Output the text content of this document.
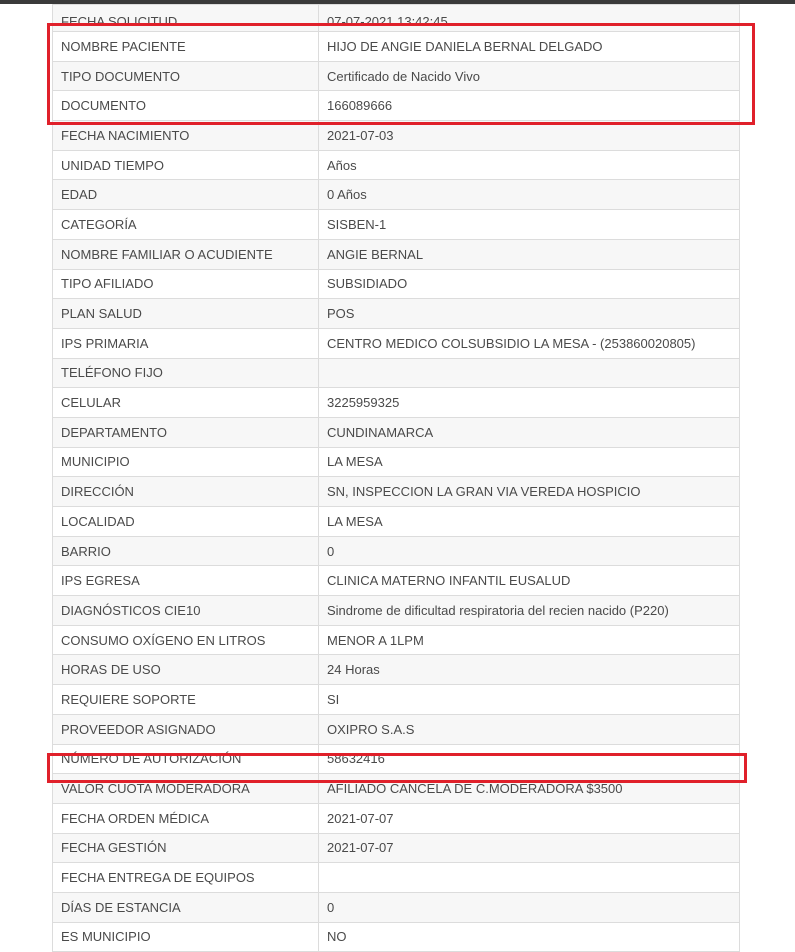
FECHA SOLICITUD	07-07-2021 13:42:45
NOMBRE PACIENTE	HIJO DE ANGIE DANIELA BERNAL DELGADO
TIPO DOCUMENTO	Certificado de Nacido Vivo
DOCUMENTO	166089666
FECHA NACIMIENTO	2021-07-03
UNIDAD TIEMPO	Años
EDAD	0 Años
CATEGORÍA	SISBEN-1
NOMBRE FAMILIAR O ACUDIENTE	ANGIE BERNAL
TIPO AFILIADO	SUBSIDIADO
PLAN SALUD	POS
IPS PRIMARIA	CENTRO MEDICO COLSUBSIDIO LA MESA - (253860020805)
TELÉFONO FIJO	
CELULAR	3225959325
DEPARTAMENTO	CUNDINAMARCA
MUNICIPIO	LA MESA
DIRECCIÓN	SN, INSPECCION LA GRAN VIA VEREDA HOSPICIO
LOCALIDAD	LA MESA
BARRIO	0
IPS EGRESA	CLINICA MATERNO INFANTIL EUSALUD
DIAGNÓSTICOS CIE10	Sindrome de dificultad respiratoria del recien nacido (P220)
CONSUMO OXÍGENO EN LITROS	MENOR A 1LPM
HORAS DE USO	24 Horas
REQUIERE SOPORTE	SI
PROVEEDOR ASIGNADO	OXIPRO S.A.S
NÚMERO DE AUTORIZACIÓN	58632416
VALOR CUOTA MODERADORA	AFILIADO CANCELA DE C.MODERADORA $3500
FECHA ORDEN MÉDICA	2021-07-07
FECHA GESTIÓN	2021-07-07
FECHA ENTREGA DE EQUIPOS	
DÍAS DE ESTANCIA	0
ES MUNICIPIO	NO
